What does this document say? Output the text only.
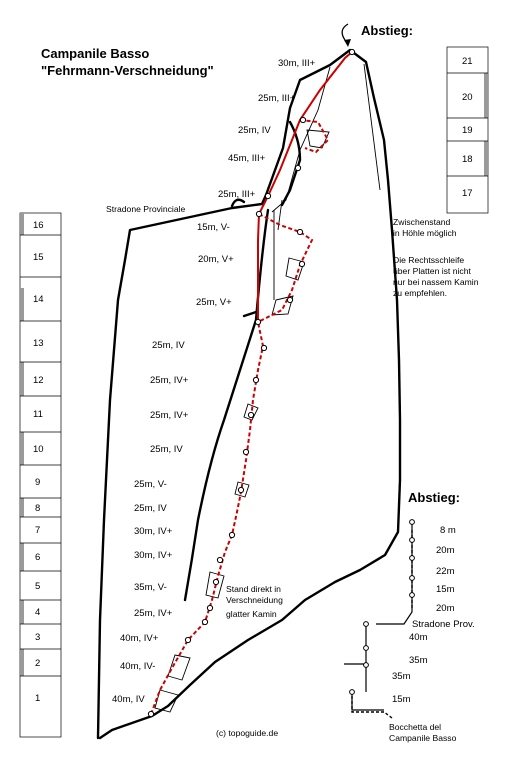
Campanile Basso
"Fehrmann-Verschneidung"
16
15
14
13
12
11
10
9
8
7
6
5
4
3
2
1
21
20
19
18
17
Abstieg:
30m, III+
25m, III+
25m, IV
45m, III+
25m, III+
15m, V-
20m, V+
25m, V+
25m, IV
25m, IV+
25m, IV+
25m, IV
25m, V-
25m, IV
30m, IV+
30m, IV+
35m, V-
25m, IV+
40m, IV+
40m, IV-
40m, IV
Stradone Provinciale
Zwischenstand
in Höhle möglich
Die Rechtsschleife
über Platten ist nicht
nur bei nassem Kamin
zu empfehlen.
Stand direkt in
Verschneidung
glatter Kamin
Abstieg:
8 m
20m
22m
15m
20m
Stradone Prov.
40m
35m
35m
15m
Bocchetta del
Campanile Basso
(c) topoguide.de
